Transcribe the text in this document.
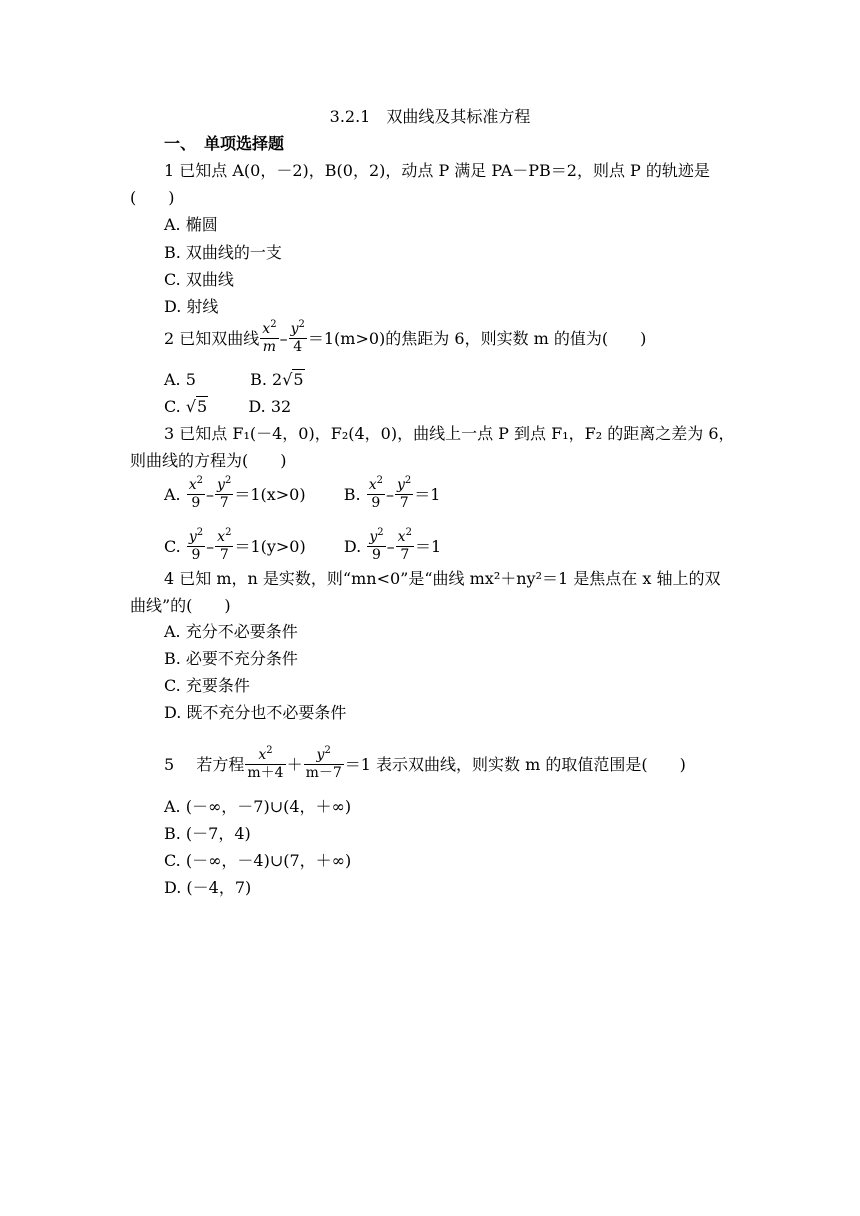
3.2.1　双曲线及其标准方程
一、　单项选择题
1 已知点 A(0，－2)，B(0，2)，动点 P 满足 PA－PB＝2，则点 P 的轨迹是
(　　)
A. 椭圆
B. 双曲线的一支
C. 双曲线
D. 射线
2 已知双曲线 $\frac{x^2}{m} - \frac{y^2}{4} =1(m>0)$的焦距为 6，则实数 m 的值为(　　)
A. 5	B. 2√5
C. √5	D. 32
3 已知点 F₁(－4，0)，F₂(4，0)，曲线上一点 P 到点 F₁，F₂ 的距离之差为 6，
则曲线的方程为(　　)
A. $\frac{x^2}{9} - \frac{y^2}{7} =1(x>0)$ B. $\frac{x^2}{9} - \frac{y^2}{7} =1$
C. $\frac{y^2}{9} - \frac{x^2}{7} =1(y>0)$ D. $\frac{y^2}{9} - \frac{x^2}{7} =1$
4 已知 m，n 是实数，则“mn<0”是“曲线 mx²＋ny²＝1 是焦点在 x 轴上的双
曲线”的(　　)
A. 充分不必要条件
B. 必要不充分条件
C. 充要条件
D. 既不充分也不必要条件
5 若方程 $\frac{x^2}{m+4} + \frac{y^2}{m-7} =1$ 表示双曲线，则实数 m 的取值范围是(　　)
A. (－∞，－7)∪(4，＋∞)
B. (－7，4)
C. (－∞，－4)∪(7，＋∞)
D. (－4，7)
